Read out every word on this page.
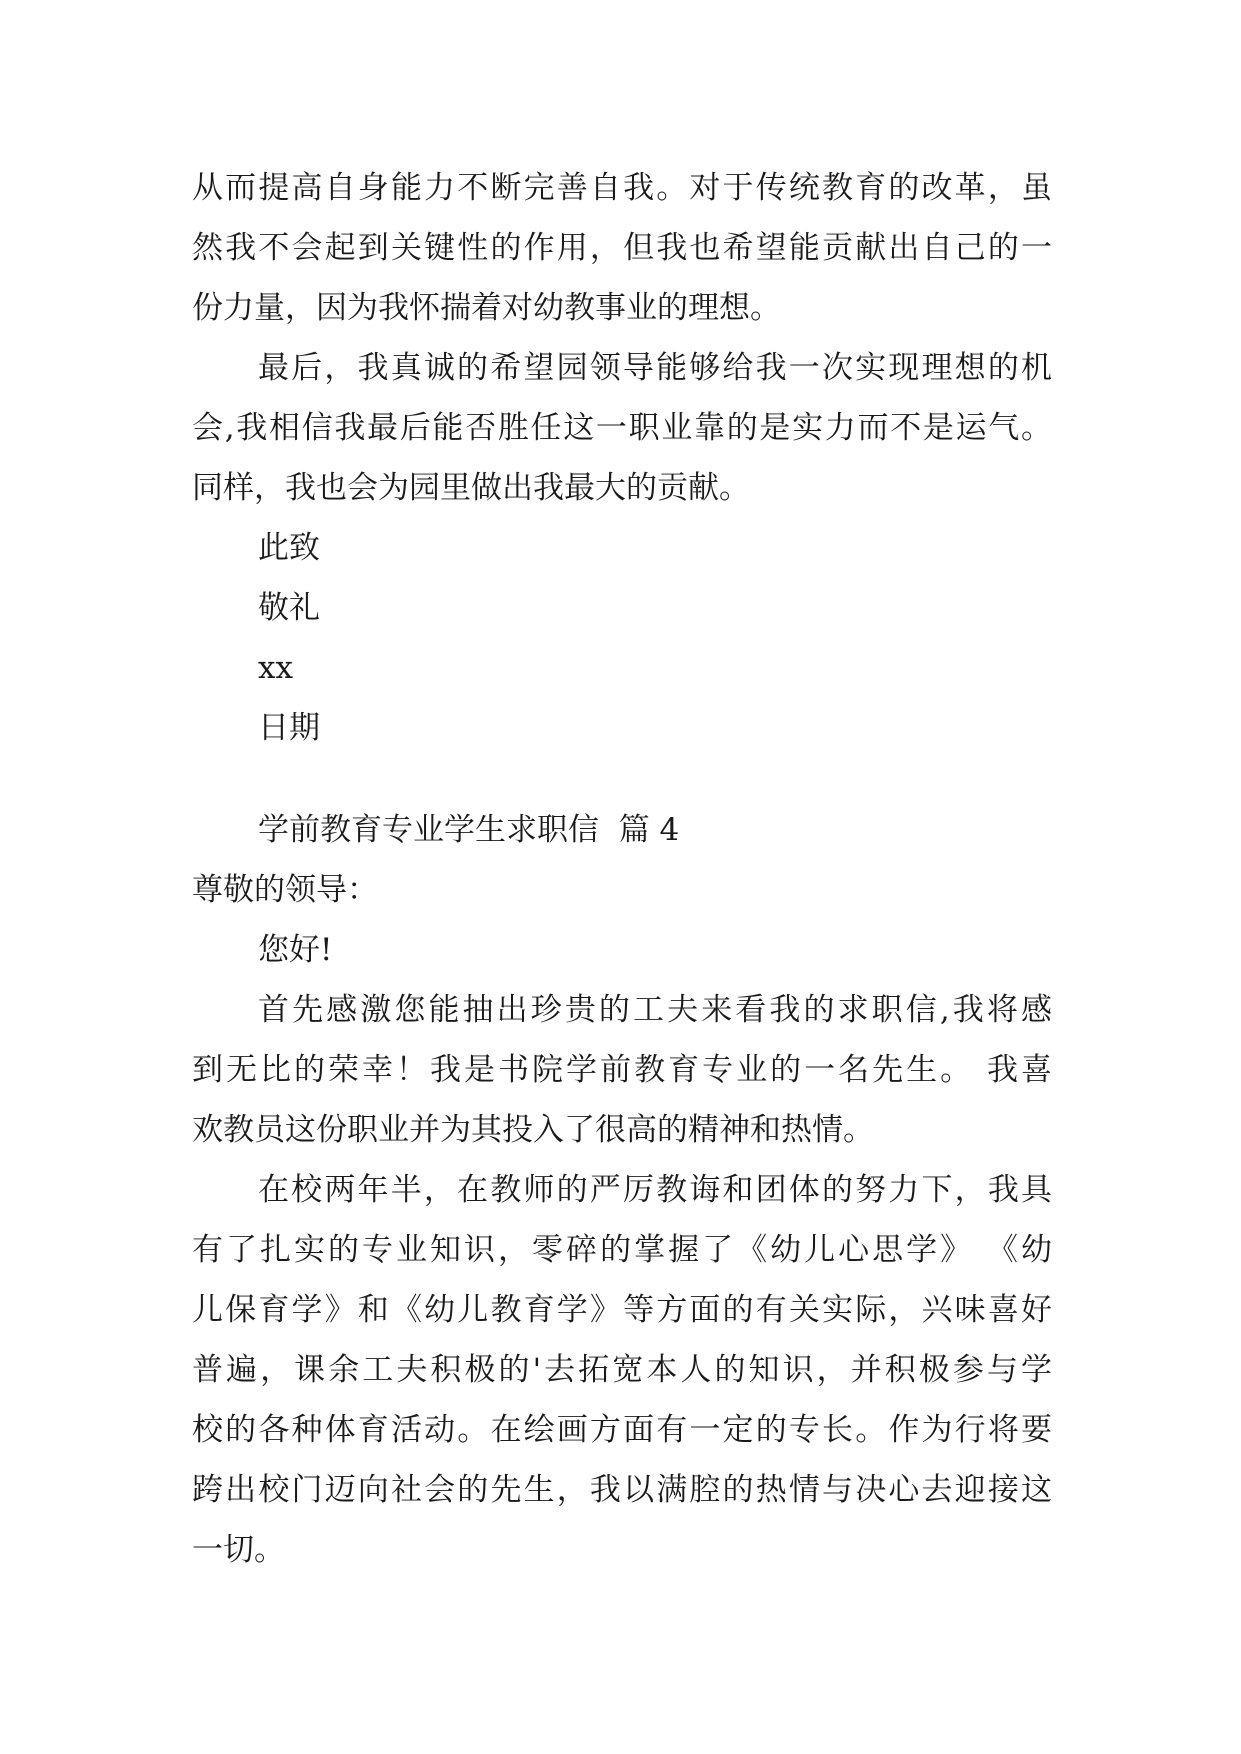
从而提高自身能力不断完善自我。对于传统教育的改革，虽
然我不会起到关键性的作用，但我也希望能贡献出自己的一
份力量，因为我怀揣着对幼教事业的理想。
最后，我真诚的希望园领导能够给我一次实现理想的机
会,我相信我最后能否胜任这一职业靠的是实力而不是运气。
同样，我也会为园里做出我最大的贡献。
此致
敬礼
xx
日期
学前教育专业学生求职信  篇 4
尊敬的领导：
您好!
首先感激您能抽出珍贵的工夫来看我的求职信,我将感
到无比的荣幸！我是书院学前教育专业的一名先生。 我喜
欢教员这份职业并为其投入了很高的精神和热情。
在校两年半，在教师的严厉教诲和团体的努力下，我具
有了扎实的专业知识，零碎的掌握了《幼儿心思学》 《幼
儿保育学》和《幼儿教育学》等方面的有关实际，兴味喜好
普遍，课余工夫积极的'去拓宽本人的知识，并积极参与学
校的各种体育活动。在绘画方面有一定的专长。作为行将要
跨出校门迈向社会的先生，我以满腔的热情与决心去迎接这
一切。
